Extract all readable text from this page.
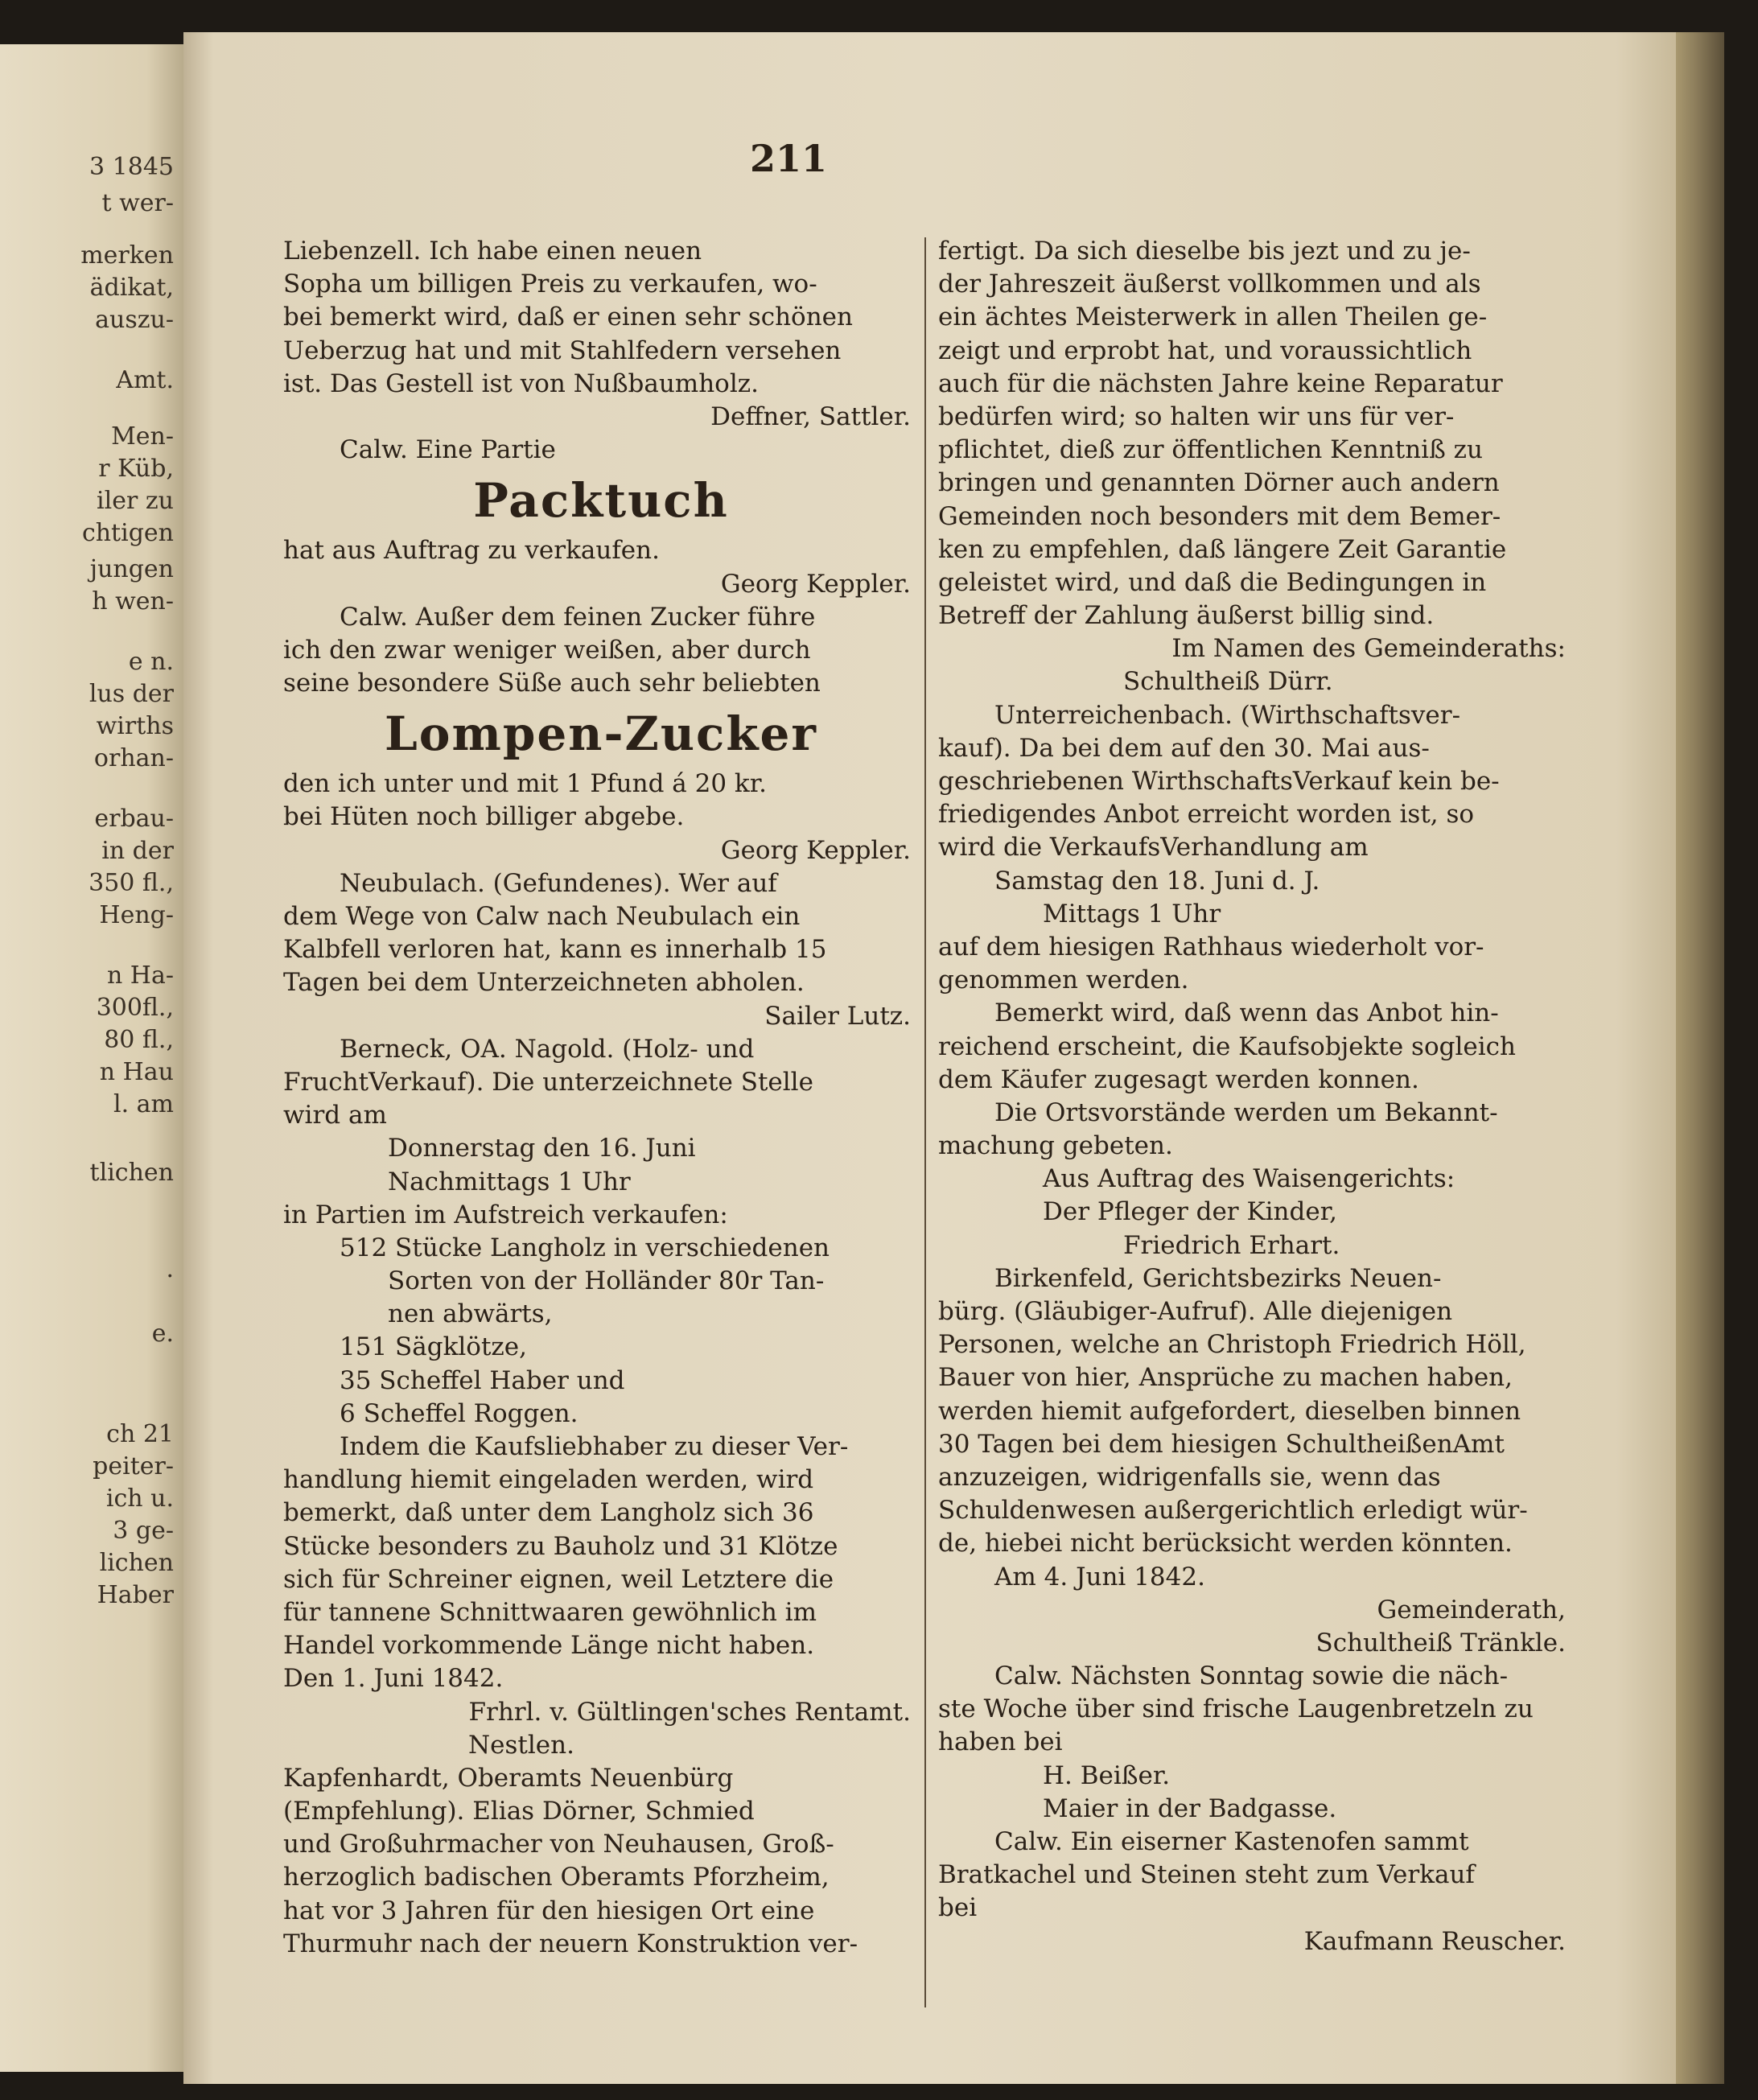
3 1845
t wer-
merken
ädikat,
auszu-
Amt.
Men-
r Küb,
iler zu
chtigen
jungen
h wen-
e n.
lus der
wirths
orhan-
erbau-
in der
350 fl.,
Heng-
n Ha-
300fl.,
80 fl.,
n Hau
l. am
tlichen
.
e.
ch 21
peiter-
ich u.
3 ge-
lichen
Haber
211
Liebenzell. Ich habe einen neuen
Sopha um billigen Preis zu verkaufen, wo-
bei bemerkt wird, daß er einen sehr schönen
Ueberzug hat und mit Stahlfedern versehen
ist. Das Gestell ist von Nußbaumholz.
Deffner, Sattler.
Calw. Eine Partie
Packtuch
hat aus Auftrag zu verkaufen.
Georg Keppler.
Calw. Außer dem feinen Zucker führe
ich den zwar weniger weißen, aber durch
seine besondere Süße auch sehr beliebten
Lompen-Zucker
den ich unter und mit 1 Pfund á 20 kr.
bei Hüten noch billiger abgebe.
Georg Keppler.
Neubulach. (Gefundenes). Wer auf
dem Wege von Calw nach Neubulach ein
Kalbfell verloren hat, kann es innerhalb 15
Tagen bei dem Unterzeichneten abholen.
Sailer Lutz.
Berneck, OA. Nagold. (Holz- und
FruchtVerkauf). Die unterzeichnete Stelle
wird am
Donnerstag den 16. Juni
Nachmittags 1 Uhr
in Partien im Aufstreich verkaufen:
512 Stücke Langholz in verschiedenen
Sorten von der Holländer 80r Tan-
nen abwärts,
151 Sägklötze,
35 Scheffel Haber und
6 Scheffel Roggen.
Indem die Kaufsliebhaber zu dieser Ver-
handlung hiemit eingeladen werden, wird
bemerkt, daß unter dem Langholz sich 36
Stücke besonders zu Bauholz und 31 Klötze
sich für Schreiner eignen, weil Letztere die
für tannene Schnittwaaren gewöhnlich im
Handel vorkommende Länge nicht haben.
Den 1. Juni 1842.
Frhrl. v. Gültlingen'sches Rentamt.
Nestlen.
Kapfenhardt, Oberamts Neuenbürg
(Empfehlung). Elias Dörner, Schmied
und Großuhrmacher von Neuhausen, Groß-
herzoglich badischen Oberamts Pforzheim,
hat vor 3 Jahren für den hiesigen Ort eine
Thurmuhr nach der neuern Konstruktion ver-
fertigt. Da sich dieselbe bis jezt und zu je-
der Jahreszeit äußerst vollkommen und als
ein ächtes Meisterwerk in allen Theilen ge-
zeigt und erprobt hat, und voraussichtlich
auch für die nächsten Jahre keine Reparatur
bedürfen wird; so halten wir uns für ver-
pflichtet, dieß zur öffentlichen Kenntniß zu
bringen und genannten Dörner auch andern
Gemeinden noch besonders mit dem Bemer-
ken zu empfehlen, daß längere Zeit Garantie
geleistet wird, und daß die Bedingungen in
Betreff der Zahlung äußerst billig sind.
Im Namen des Gemeinderaths:
Schultheiß Dürr.
Unterreichenbach. (Wirthschaftsver-
kauf). Da bei dem auf den 30. Mai aus-
geschriebenen WirthschaftsVerkauf kein be-
friedigendes Anbot erreicht worden ist, so
wird die VerkaufsVerhandlung am
Samstag den 18. Juni d. J.
Mittags 1 Uhr
auf dem hiesigen Rathhaus wiederholt vor-
genommen werden.
Bemerkt wird, daß wenn das Anbot hin-
reichend erscheint, die Kaufsobjekte sogleich
dem Käufer zugesagt werden konnen.
Die Ortsvorstände werden um Bekannt-
machung gebeten.
Aus Auftrag des Waisengerichts:
Der Pfleger der Kinder,
Friedrich Erhart.
Birkenfeld, Gerichtsbezirks Neuen-
bürg. (Gläubiger-Aufruf). Alle diejenigen
Personen, welche an Christoph Friedrich Höll,
Bauer von hier, Ansprüche zu machen haben,
werden hiemit aufgefordert, dieselben binnen
30 Tagen bei dem hiesigen SchultheißenAmt
anzuzeigen, widrigenfalls sie, wenn das
Schuldenwesen außergerichtlich erledigt wür-
de, hiebei nicht berücksicht werden könnten.
Am 4. Juni 1842.
Gemeinderath,
Schultheiß Tränkle.
Calw. Nächsten Sonntag sowie die näch-
ste Woche über sind frische Laugenbretzeln zu
haben bei
H. Beißer.
Maier in der Badgasse.
Calw. Ein eiserner Kastenofen sammt
Bratkachel und Steinen steht zum Verkauf
bei
Kaufmann Reuscher.
